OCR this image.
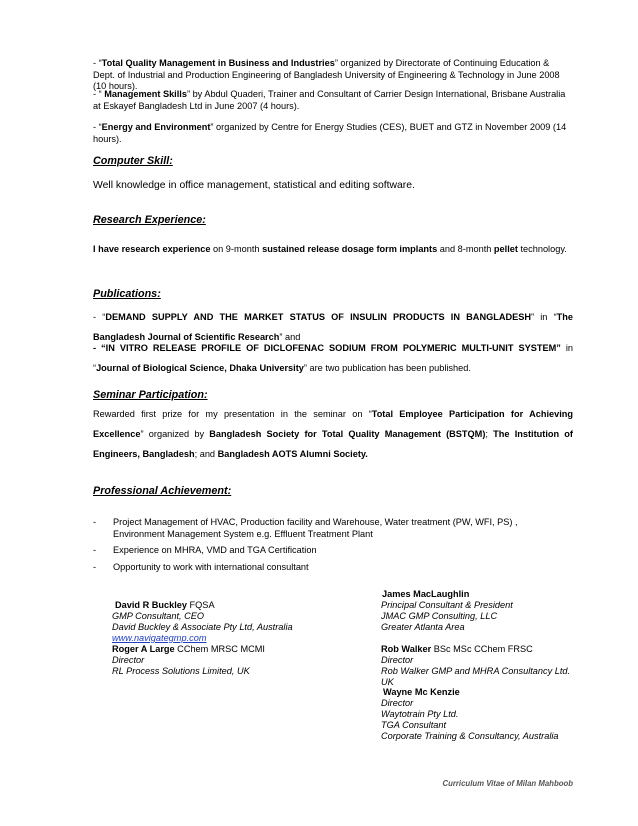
- “Total Quality Management in Business and Industries” organized by Directorate of Continuing Education & Dept. of Industrial and Production Engineering of Bangladesh University of Engineering & Technology in June 2008 (10 hours).
- “ Management Skills” by Abdul Quaderi, Trainer and Consultant of Carrier Design International, Brisbane Australia at Eskayef Bangladesh Ltd in June 2007 (4 hours).
- “Energy and Environment” organized by Centre for Energy Studies (CES), BUET and GTZ in November 2009 (14 hours).
Computer Skill:
Well knowledge in office management, statistical and editing software.
Research Experience:
I have research experience on 9-month sustained release dosage form implants and 8-month pellet technology.
Publications:
- “DEMAND SUPPLY AND THE MARKET STATUS OF INSULIN PRODUCTS IN BANGLADESH” in “The Bangladesh Journal of Scientific Research” and
- “IN VITRO RELEASE PROFILE OF DICLOFENAC SODIUM FROM POLYMERIC MULTI-UNIT SYSTEM” in “Journal of Biological Science, Dhaka University” are two publication has been published.
Seminar Participation:
Rewarded first prize for my presentation in the seminar on “Total Employee Participation for Achieving Excellence” organized by Bangladesh Society for Total Quality Management (BSTQM); The Institution of Engineers, Bangladesh; and Bangladesh AOTS Alumni Society.
Professional Achievement:
- Project Management of HVAC, Production facility and Warehouse, Water treatment (PW, WFI, PS) , Environment Management System e.g. Effluent Treatment Plant
- Experience on MHRA, VMD and TGA Certification
- Opportunity to work with international consultant
David R Buckley FQSA
GMP Consultant, CEO
David Buckley & Associate Pty Ltd, Australia
www.navigategmp.com
Roger A Large CChem MRSC MCMI
Director
RL Process Solutions Limited, UK
James MacLaughlin
Principal Consultant & President
JMAC GMP Consulting, LLC
Greater Atlanta Area
Rob Walker BSc MSc CChem FRSC
Director
Rob Walker GMP and MHRA Consultancy Ltd. UK
Wayne Mc Kenzie
Director
Waytotrain Pty Ltd.
TGA Consultant
Corporate Training & Consultancy, Australia
Curriculum Vitae of Milan Mahboob
